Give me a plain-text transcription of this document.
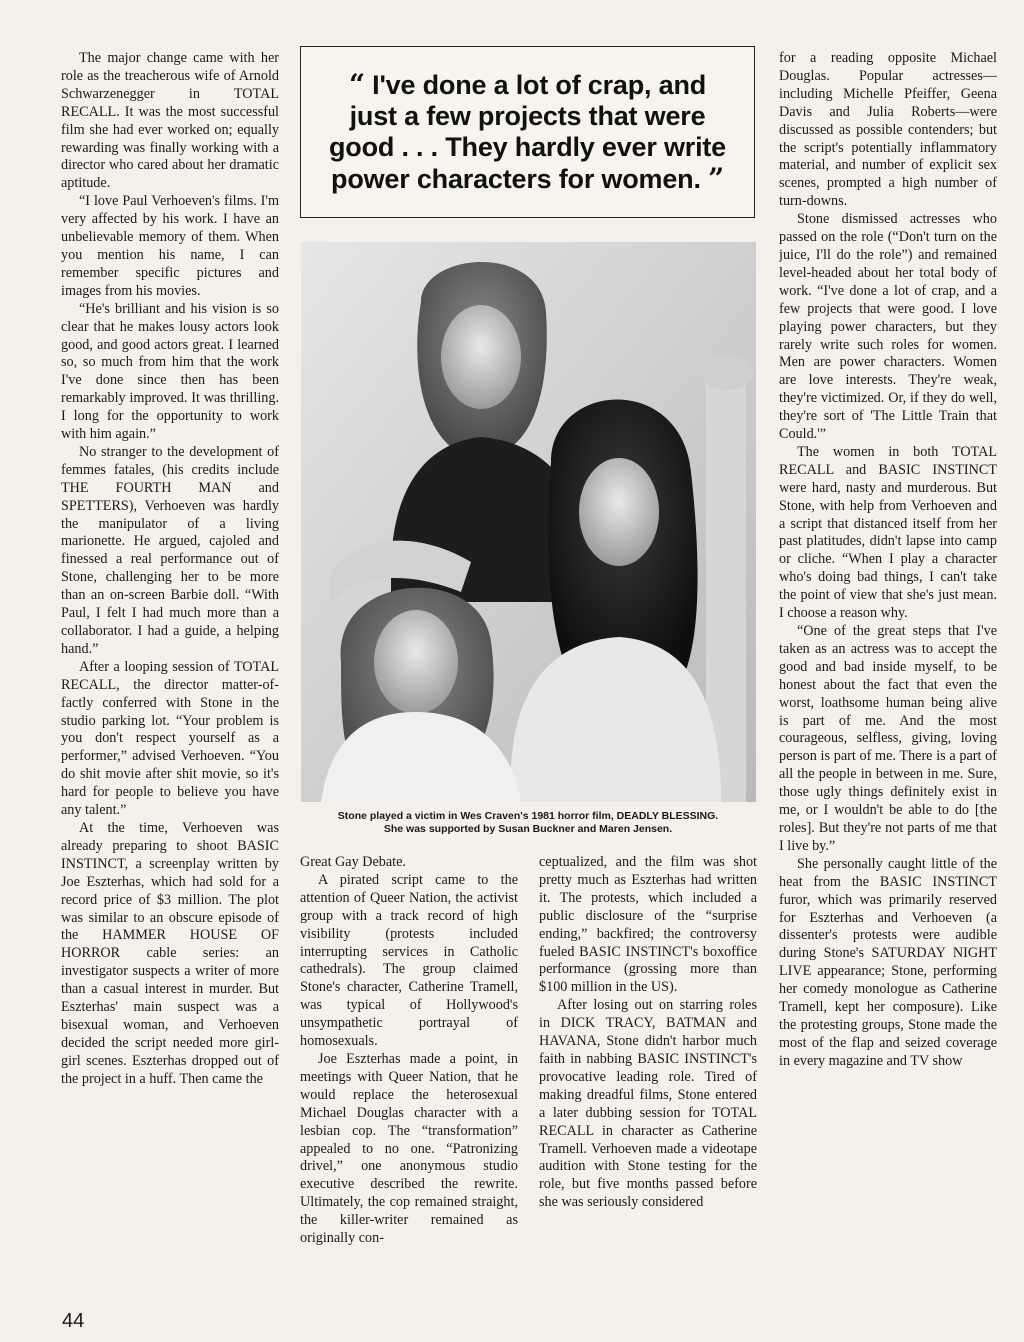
The major change came with her role as the treacherous wife of Arnold Schwarzenegger in TOTAL RECALL. It was the most successful film she had ever worked on; equally rewarding was finally working with a director who cared about her dramatic aptitude.

“I love Paul Verhoeven's films. I'm very affected by his work. I have an unbelievable memory of them. When you mention his name, I can remember specific pictures and images from his movies.

“He's brilliant and his vision is so clear that he makes lousy actors look good, and good actors great. I learned so, so much from him that the work I've done since then has been remarkably improved. It was thrilling. I long for the opportunity to work with him again.”

No stranger to the development of femmes fatales, (his credits include THE FOURTH MAN and SPETTERS), Verhoeven was hardly the manipulator of a living marionette. He argued, cajoled and finessed a real performance out of Stone, challenging her to be more than an on-screen Barbie doll. “With Paul, I felt I had much more than a collaborator. I had a guide, a helping hand.”

After a looping session of TOTAL RECALL, the director matter-of-factly conferred with Stone in the studio parking lot. “Your problem is you don't respect yourself as a performer,” advised Verhoeven. “You do shit movie after shit movie, so it's hard for people to believe you have any talent.”

At the time, Verhoeven was already preparing to shoot BASIC INSTINCT, a screenplay written by Joe Eszterhas, which had sold for a record price of $3 million. The plot was similar to an obscure episode of the HAMMER HOUSE OF HORROR cable series: an investigator suspects a writer of more than a casual interest in murder. But Eszterhas' main suspect was a bisexual woman, and Verhoeven decided the script needed more girl-girl scenes. Eszterhas dropped out of the project in a huff. Then came the

“ I've done a lot of crap, and just a few projects that were good . . . They hardly ever write power characters for women. ”
Stone played a victim in Wes Craven's 1981 horror film, DEADLY BLESSING.
She was supported by Susan Buckner and Maren Jensen.

Great Gay Debate.

A pirated script came to the attention of Queer Nation, the activist group with a track record of high visibility (protests included interrupting services in Catholic cathedrals). The group claimed Stone's character, Catherine Tramell, was typical of Hollywood's unsympathetic portrayal of homosexuals.

Joe Eszterhas made a point, in meetings with Queer Nation, that he would replace the heterosexual Michael Douglas character with a lesbian cop. The “transformation” appealed to no one. “Patronizing drivel,” one anonymous studio executive described the rewrite. Ultimately, the cop remained straight, the killer-writer remained as originally con-

ceptualized, and the film was shot pretty much as Eszterhas had written it. The protests, which included a public disclosure of the “surprise ending,” backfired; the controversy fueled BASIC INSTINCT's boxoffice performance (grossing more than $100 million in the US).

After losing out on starring roles in DICK TRACY, BATMAN and HAVANA, Stone didn't harbor much faith in nabbing BASIC INSTINCT's provocative leading role. Tired of making dreadful films, Stone entered a later dubbing session for TOTAL RECALL in character as Catherine Tramell. Verhoeven made a videotape audition with Stone testing for the role, but five months passed before she was seriously considered

for a reading opposite Michael Douglas. Popular actresses—including Michelle Pfeiffer, Geena Davis and Julia Roberts—were discussed as possible contenders; but the script's potentially inflammatory material, and number of explicit sex scenes, prompted a high number of turn-downs.

Stone dismissed actresses who passed on the role (“Don't turn on the juice, I'll do the role”) and remained level-headed about her total body of work. “I've done a lot of crap, and a few projects that were good. I love playing power characters, but they rarely write such roles for women. Men are power characters. Women are love interests. They're weak, they're victimized. Or, if they do well, they're sort of 'The Little Train that Could.'”

The women in both TOTAL RECALL and BASIC INSTINCT were hard, nasty and murderous. But Stone, with help from Verhoeven and a script that distanced itself from her past platitudes, didn't lapse into camp or cliche. “When I play a character who's doing bad things, I can't take the point of view that she's just mean. I choose a reason why.

“One of the great steps that I've taken as an actress was to accept the good and bad inside myself, to be honest about the fact that even the worst, loathsome human being alive is part of me. And the most courageous, selfless, giving, loving person is part of me. There is a part of all the people in between in me. Sure, those ugly things definitely exist in me, or I wouldn't be able to do [the roles]. But they're not parts of me that I live by.”

She personally caught little of the heat from the BASIC INSTINCT furor, which was primarily reserved for Eszterhas and Verhoeven (a dissenter's protests were audible during Stone's SATURDAY NIGHT LIVE appearance; Stone, performing her comedy monologue as Catherine Tramell, kept her composure). Like the protesting groups, Stone made the most of the flap and seized coverage in every magazine and TV show

44
